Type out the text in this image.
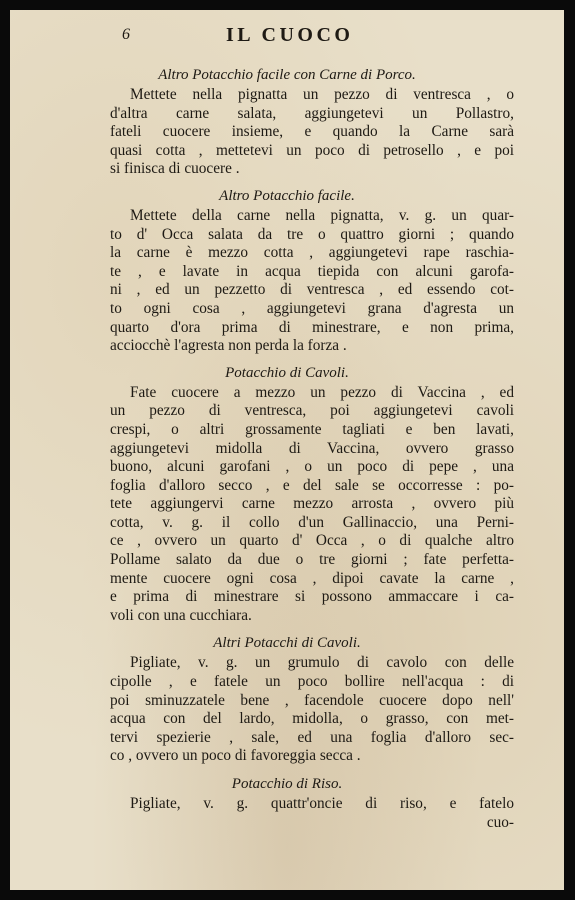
6	IL CUOCO
Altro Potacchio facile con Carne di Porco.
Mettete nella pignatta un pezzo di ventresca , o
d'altra carne salata, aggiungetevi un Pollastro,
fateli cuocere insieme, e quando la Carne sarà
quasi cotta , mettetevi un poco di petrosello , e poi
si finisca di cuocere .
Altro Potacchio facile.
Mettete della carne nella pignatta, v. g. un quar-
to d' Occa salata da tre o quattro giorni ; quando
la carne è mezzo cotta , aggiungetevi rape raschia-
te , e lavate in acqua tiepida con alcuni garofa-
ni , ed un pezzetto di ventresca , ed essendo cot-
to ogni cosa , aggiungetevi grana d'agresta un
quarto d'ora prima di minestrare, e non prima,
acciocchè l'agresta non perda la forza .
Potacchio di Cavoli.
Fate cuocere a mezzo un pezzo di Vaccina , ed
un pezzo di ventresca, poi aggiungetevi cavoli
crespi, o altri grossamente tagliati e ben lavati,
aggiungetevi midolla di Vaccina, ovvero grasso
buono, alcuni garofani , o un poco di pepe , una
foglia d'alloro secco , e del sale se occorresse : po-
tete aggiungervi carne mezzo arrosta , ovvero più
cotta, v. g. il collo d'un Gallinaccio, una Perni-
ce , ovvero un quarto d' Occa , o di qualche altro
Pollame salato da due o tre giorni ; fate perfetta-
mente cuocere ogni cosa , dipoi cavate la carne ,
e prima di minestrare si possono ammaccare i ca-
voli con una cucchiara.
Altri Potacchi di Cavoli.
Pigliate, v. g. un grumulo di cavolo con delle
cipolle , e fatele un poco bollire nell'acqua : di
poi sminuzzatele bene , facendole cuocere dopo nell'
acqua con del lardo, midolla, o grasso, con met-
tervi spezierie , sale, ed una foglia d'alloro sec-
co , ovvero un poco di favoreggia secca .
Potacchio di Riso.
Pigliate, v. g. quattr'oncie di riso, e fatelo
cuo-
